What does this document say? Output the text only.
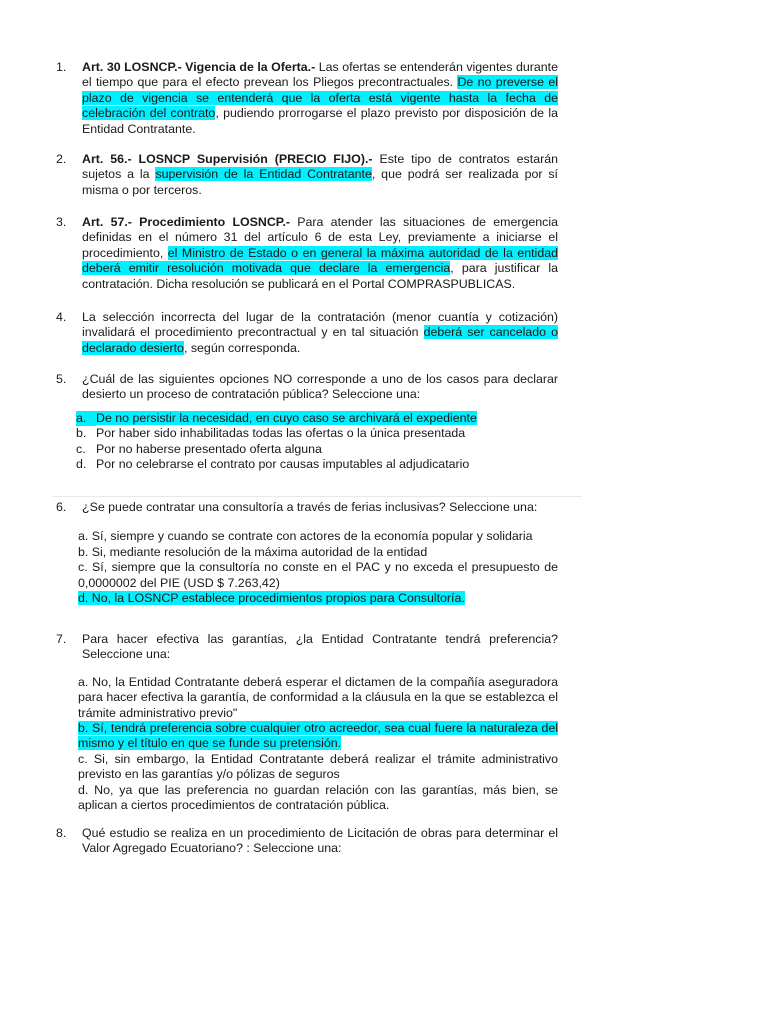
1.	Art. 30 LOSNCP.- Vigencia de la Oferta.- Las ofertas se entenderán vigentes durante el tiempo que para el efecto prevean los Pliegos precontractuales. De no preverse el plazo de vigencia se entenderá que la oferta está vigente hasta la fecha de celebración del contrato, pudiendo prorrogarse el plazo previsto por disposición de la Entidad Contratante.
2.	Art. 56.- LOSNCP Supervisión (PRECIO FIJO).- Este tipo de contratos estarán sujetos a la supervisión de la Entidad Contratante, que podrá ser realizada por sí misma o por terceros.
3.	Art. 57.- Procedimiento LOSNCP.- Para atender las situaciones de emergencia definidas en el número 31 del artículo 6 de esta Ley, previamente a iniciarse el procedimiento, el Ministro de Estado o en general la máxima autoridad de la entidad deberá emitir resolución motivada que declare la emergencia, para justificar la contratación. Dicha resolución se publicará en el Portal COMPRASPUBLICAS.
4.	La selección incorrecta del lugar de la contratación (menor cuantía y cotización) invalidará el procedimiento precontractual y en tal situación deberá ser cancelado o declarado desierto, según corresponda.
5.	¿Cuál de las siguientes opciones NO corresponde a uno de los casos para declarar desierto un proceso de contratación pública? Seleccione una:
a. De no persistir la necesidad, en cuyo caso se archivará el expediente
b. Por haber sido inhabilitadas todas las ofertas o la única presentada
c. Por no haberse presentado oferta alguna
d. Por no celebrarse el contrato por causas imputables al adjudicatario
6.	¿Se puede contratar una consultoría a través de ferias inclusivas? Seleccione una:
a. Sí, siempre y cuando se contrate con actores de la economía popular y solidaria
b. Si, mediante resolución de la máxima autoridad de la entidad
c. Sí, siempre que la consultoría no conste en el PAC y no exceda el presupuesto de 0,0000002 del PIE (USD $ 7.263,42)
d. No, la LOSNCP establece procedimientos propios para Consultoría.
7.	Para hacer efectiva las garantías, ¿la Entidad Contratante tendrá preferencia? Seleccione una:
a. No, la Entidad Contratante deberá esperar el dictamen de la compañía aseguradora para hacer efectiva la garantía, de conformidad a la cláusula en la que se establezca el trámite administrativo previo"
b. Sí, tendrá preferencia sobre cualquier otro acreedor, sea cual fuere la naturaleza del mismo y el título en que se funde su pretensión.
c. Si, sin embargo, la Entidad Contratante deberá realizar el trámite administrativo previsto en las garantías y/o pólizas de seguros
d. No, ya que las preferencia no guardan relación con las garantías, más bien, se aplican a ciertos procedimientos de contratación pública.
8.	Qué estudio se realiza en un procedimiento de Licitación de obras para determinar el Valor Agregado Ecuatoriano? : Seleccione una:
